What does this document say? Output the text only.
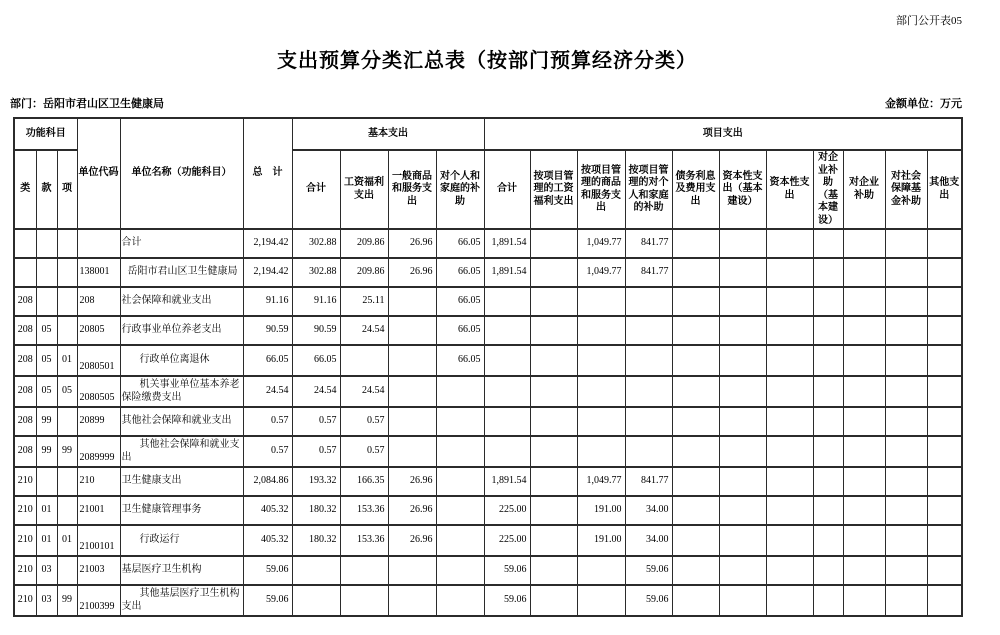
部门公开表05
支出预算分类汇总表（按部门预算经济分类）
部门：岳阳市君山区卫生健康局	金额单位：万元
功能科目			单位代码	单位名称（功能科目）	总　计	基本支出				项目支出										
类	款	项				合计	工资福利支出	一般商品和服务支出	对个人和家庭的补助	合计	按项目管理的工资福利支出	按项目管理的商品和服务支出	按项目管理的对个人和家庭的补助	债务利息及费用支出	资本性支出（基本建设）	资本性支出	对企业补助（基本建设）	对企业补助	对社会保障基金补助	其他支出
				合计	2,194.42	302.88	209.86	26.96	66.05	1,891.54		1,049.77	841.77							
			138001	岳阳市君山区卫生健康局	2,194.42	302.88	209.86	26.96	66.05	1,891.54		1,049.77	841.77							
208			208	社会保障和就业支出	91.16	91.16	25.11		66.05											
208	05		20805	行政事业单位养老支出	90.59	90.59	24.54		66.05											
208	05	01	2080501	行政单位离退休	66.05	66.05			66.05											
208	05	05	2080505	机关事业单位基本养老保险缴费支出	24.54	24.54	24.54													
208	99		20899	其他社会保障和就业支出	0.57	0.57	0.57													
208	99	99	2089999	其他社会保障和就业支出	0.57	0.57	0.57													
210			210	卫生健康支出	2,084.86	193.32	166.35	26.96		1,891.54		1,049.77	841.77							
210	01		21001	卫生健康管理事务	405.32	180.32	153.36	26.96		225.00		191.00	34.00							
210	01	01	2100101	行政运行	405.32	180.32	153.36	26.96		225.00		191.00	34.00							
210	03		21003	基层医疗卫生机构	59.06					59.06			59.06							
210	03	99	2100399	其他基层医疗卫生机构支出	59.06					59.06			59.06							
